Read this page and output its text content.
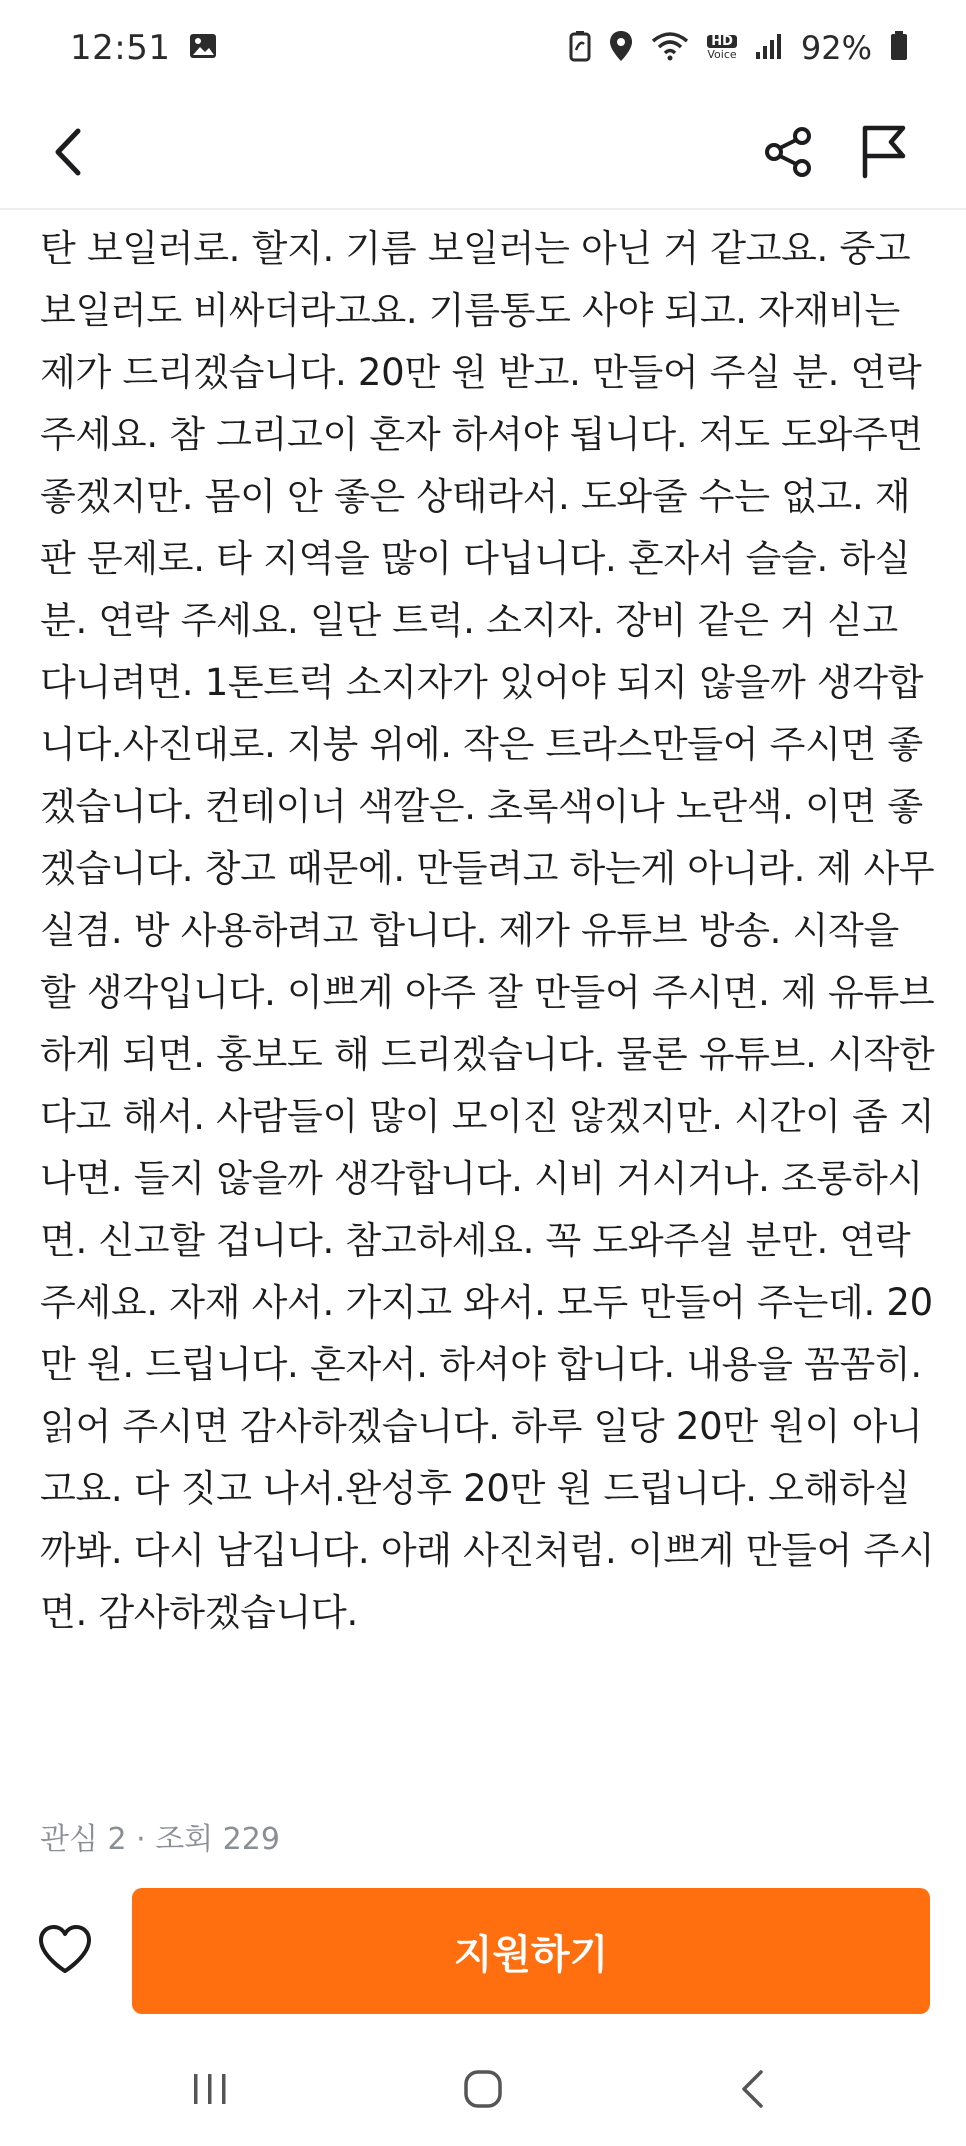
12:51	HD
Voice 92%
탄 보일러로. 할지. 기름 보일러는 아닌 거 같고요. 중고 보일러도 비싸더라고요. 기름통도 사야 되고. 자재비는 제가 드리겠습니다. 20만 원 받고. 만들어 주실 분. 연락 주세요. 참 그리고이 혼자 하셔야 됩니다. 저도 도와주면 좋겠지만. 몸이 안 좋은 상태라서. 도와줄 수는 없고. 재판 문제로. 타 지역을 많이 다닙니다. 혼자서 슬슬. 하실 분. 연락 주세요. 일단 트럭. 소지자. 장비 같은 거 싣고 다니려면. 1톤트럭 소지자가 있어야 되지 않을까 생각합니다.사진대로. 지붕 위에. 작은 트라스만들어 주시면 좋겠습니다. 컨테이너 색깔은. 초록색이나 노란색. 이면 좋겠습니다. 창고 때문에. 만들려고 하는게 아니라. 제 사무실겸. 방 사용하려고 합니다. 제가 유튜브 방송. 시작을 할 생각입니다. 이쁘게 아주 잘 만들어 주시면. 제 유튜브 하게 되면. 홍보도 해 드리겠습니다. 물론 유튜브. 시작한다고 해서. 사람들이 많이 모이진 않겠지만. 시간이 좀 지나면. 들지 않을까 생각합니다. 시비 거시거나. 조롱하시면. 신고할 겁니다. 참고하세요. 꼭 도와주실 분만. 연락 주세요. 자재 사서. 가지고 와서. 모두 만들어 주는데. 20만 원. 드립니다. 혼자서. 하셔야 합니다. 내용을 꼼꼼히. 읽어 주시면 감사하겠습니다. 하루 일당 20만 원이 아니고요. 다 짓고 나서.완성후 20만 원 드립니다. 오해하실까봐. 다시 남깁니다. 아래 사진처럼. 이쁘게 만들어 주시면. 감사하겠습니다.
관심 2 · 조회 229
지원하기
